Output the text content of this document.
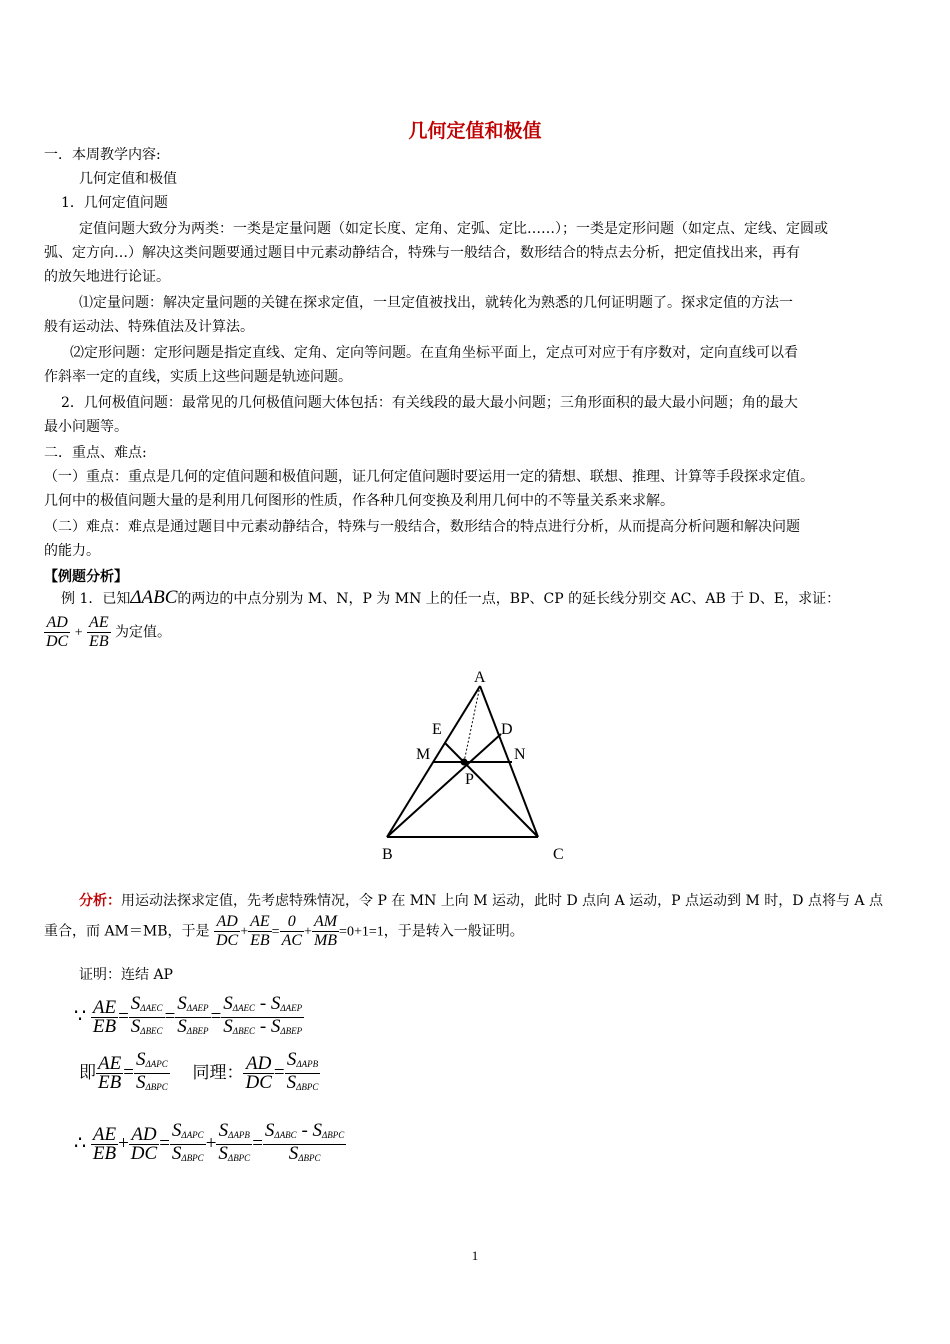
几何定值和极值
一．本周教学内容:
几何定值和极值
1．几何定值问题
定值问题大致分为两类：一类是定量问题（如定长度、定角、定弧、定比……）；一类是定形问题（如定点、定线、定圆或
弧、定方向…）解决这类问题要通过题目中元素动静结合，特殊与一般结合，数形结合的特点去分析，把定值找出来，再有
的放矢地进行论证。
⑴定量问题：解决定量问题的关键在探求定值，一旦定值被找出，就转化为熟悉的几何证明题了。探求定值的方法一
般有运动法、特殊值法及计算法。
⑵定形问题：定形问题是指定直线、定角、定向等问题。在直角坐标平面上，定点可对应于有序数对，定向直线可以看
作斜率一定的直线，实质上这些问题是轨迹问题。
2．几何极值问题：最常见的几何极值问题大体包括：有关线段的最大最小问题；三角形面积的最大最小问题；角的最大
最小问题等。
二．重点、难点:
（一）重点：重点是几何的定值问题和极值问题，证几何定值问题时要运用一定的猜想、联想、推理、计算等手段探求定值。
几何中的极值问题大量的是利用几何图形的性质，作各种几何变换及利用几何中的不等量关系来求解。
（二）难点：难点是通过题目中元素动静结合，特殊与一般结合，数形结合的特点进行分析，从而提高分析问题和解决问题
的能力。
【例题分析】
例 1．已知ΔABC的两边的中点分别为 M、N，P 为 MN 上的任一点，BP、CP 的延长线分别交 AC、AB 于 D、E，求证：
$\frac{AD}{DC} + \frac{AE}{EB}$ 为定值。
A
E	D
M	N
P
B	C
分析：用运动法探求定值，先考虑特殊情况，令 P 在 MN 上向 M 运动，此时 D 点向 A 运动，P 点运动到 M 时，D 点将与 A 点
重合，而 AM＝MB，于是 $\frac{AD}{DC} + \frac{AE}{EB} = \frac{0}{AC} + \frac{AM}{MB} =0+1=1$，于是转入一般证明。
证明：连结 AP
∵ $\frac{AE}{EB} = \frac{\text{SΔAEC}}{\text{SΔBEC}} = \frac{\text{SΔAEP}}{\text{SΔBEP}} = \frac{\text{SΔAEC - SΔAEP}}{\text{SΔBEC - SΔBEP}}$
即 $\frac{AE}{EB} = \frac{\text{SΔAPC}}{\text{SΔBPC}}$ 同理： $\frac{AD}{DC} = \frac{\text{SΔAPB}}{\text{SΔBPC}}$
∴ $\frac{AE}{EB} + \frac{AD}{DC} = \frac{\text{SΔAPC}}{\text{SΔBPC}} + \frac{\text{SΔAPB}}{\text{SΔBPC}} = \frac{\text{SΔABC - SΔBPC}}{\text{SΔBPC}}$
1
